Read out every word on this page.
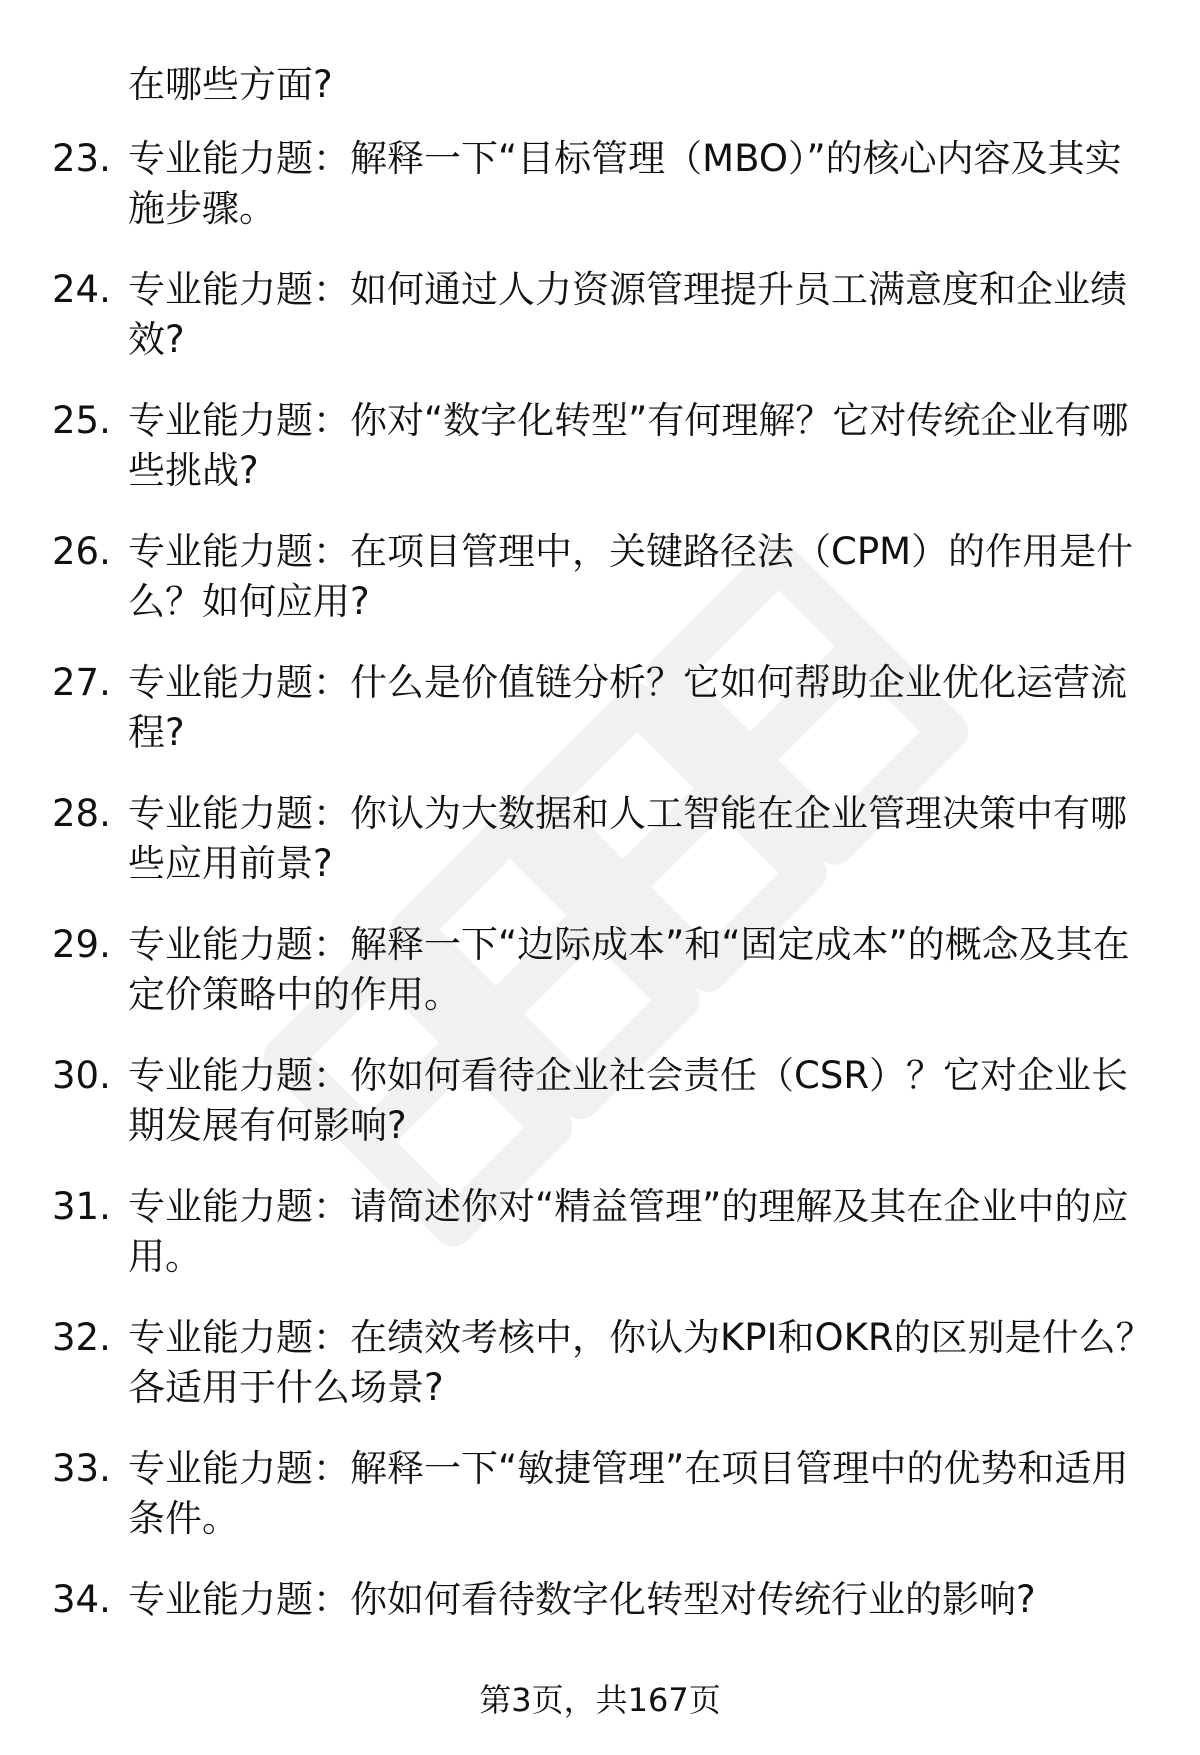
在哪些方面?
23. 专业能力题：解释一下“目标管理（MBO）”的核心内容及其实施步骤。
24. 专业能力题：如何通过人力资源管理提升员工满意度和企业绩效?
25. 专业能力题：你对“数字化转型”有何理解？它对传统企业有哪些挑战?
26. 专业能力题：在项目管理中，关键路径法（CPM）的作用是什么？如何应用?
27. 专业能力题：什么是价值链分析？它如何帮助企业优化运营流程?
28. 专业能力题：你认为大数据和人工智能在企业管理决策中有哪些应用前景?
29. 专业能力题：解释一下“边际成本”和“固定成本”的概念及其在定价策略中的作用。
30. 专业能力题：你如何看待企业社会责任（CSR）？它对企业长期发展有何影响?
31. 专业能力题：请简述你对“精益管理”的理解及其在企业中的应用。
32. 专业能力题：在绩效考核中，你认为KPI和OKR的区别是什么？各适用于什么场景?
33. 专业能力题：解释一下“敏捷管理”在项目管理中的优势和适用条件。
34. 专业能力题：你如何看待数字化转型对传统行业的影响?
第3页，共167页
